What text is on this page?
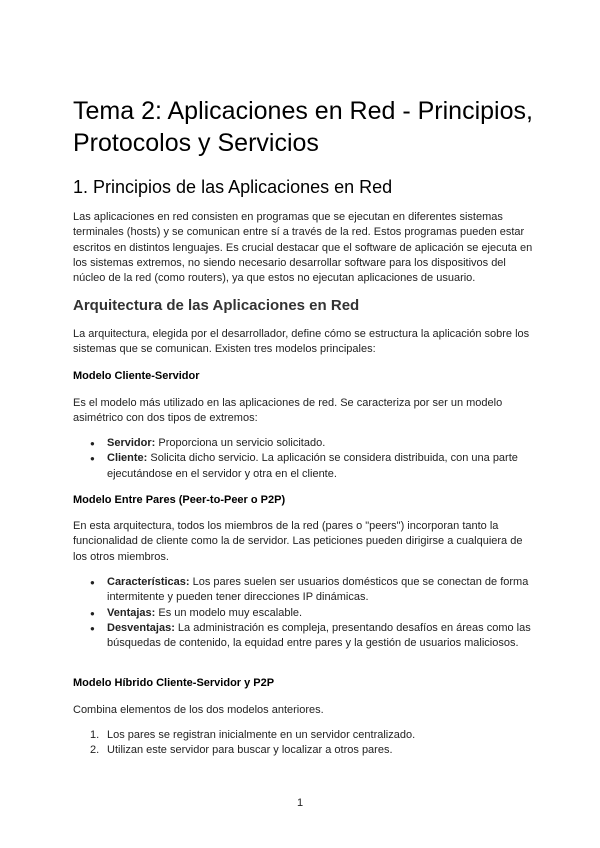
Tema 2: Aplicaciones en Red - Principios, Protocolos y Servicios
1. Principios de las Aplicaciones en Red

Las aplicaciones en red consisten en programas que se ejecutan en diferentes sistemas terminales (hosts) y se comunican entre sí a través de la red. Estos programas pueden estar escritos en distintos lenguajes. Es crucial destacar que el software de aplicación se ejecuta en los sistemas extremos, no siendo necesario desarrollar software para los dispositivos del núcleo de la red (como routers), ya que estos no ejecutan aplicaciones de usuario.

Arquitectura de las Aplicaciones en Red

La arquitectura, elegida por el desarrollador, define cómo se estructura la aplicación sobre los sistemas que se comunican. Existen tres modelos principales:

Modelo Cliente-Servidor

Es el modelo más utilizado en las aplicaciones de red. Se caracteriza por ser un modelo asimétrico con dos tipos de extremos:

● Servidor: Proporciona un servicio solicitado.
● Cliente: Solicita dicho servicio. La aplicación se considera distribuida, con una parte ejecutándose en el servidor y otra en el cliente.
Modelo Entre Pares (Peer-to-Peer o P2P)

En esta arquitectura, todos los miembros de la red (pares o "peers") incorporan tanto la funcionalidad de cliente como la de servidor. Las peticiones pueden dirigirse a cualquiera de los otros miembros.

● Características: Los pares suelen ser usuarios domésticos que se conectan de forma intermitente y pueden tener direcciones IP dinámicas.
● Ventajas: Es un modelo muy escalable.
● Desventajas: La administración es compleja, presentando desafíos en áreas como las búsquedas de contenido, la equidad entre pares y la gestión de usuarios maliciosos.
Modelo Híbrido Cliente-Servidor y P2P

Combina elementos de los dos modelos anteriores.

1. Los pares se registran inicialmente en un servidor centralizado.
2. Utilizan este servidor para buscar y localizar a otros pares.
1
